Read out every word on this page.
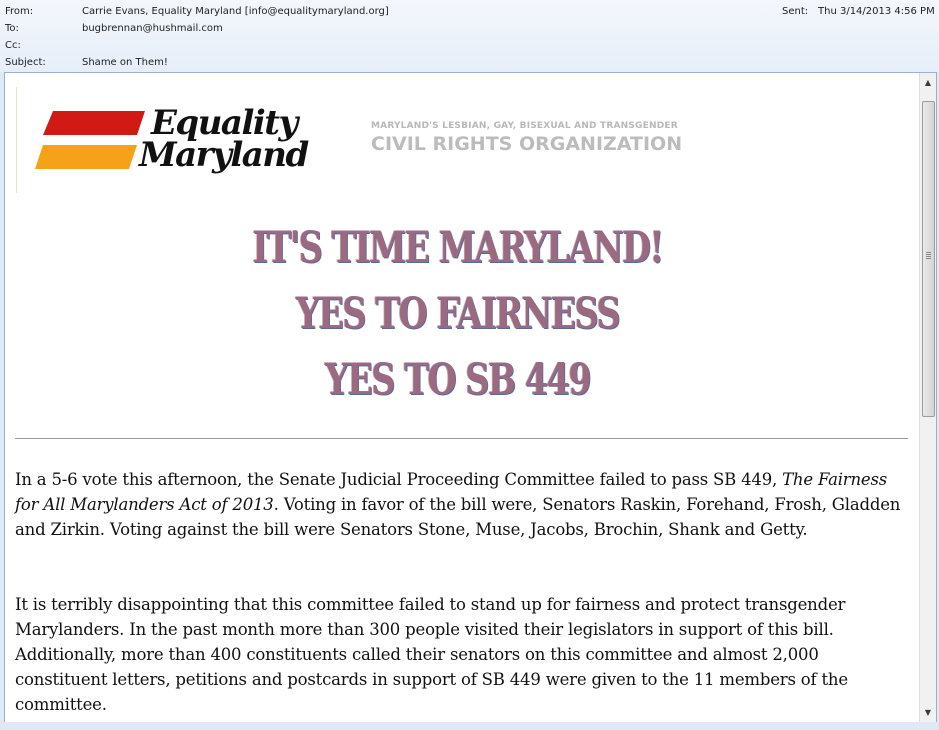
From:	Carrie Evans, Equality Maryland [info@equalitymaryland.org]	Sent: Thu 3/14/2013 4:56 PM
To:	bugbrennan@hushmail.com
Cc:
Subject:	Shame on Them!
Equality
Maryland
MARYLAND'S LESBIAN, GAY, BISEXUAL AND TRANSGENDER
CIVIL RIGHTS ORGANIZATION
IT'S TIME MARYLAND!
YES TO FAIRNESS
YES TO SB 449
In a 5-6 vote this afternoon, the Senate Judicial Proceeding Committee failed to pass SB 449, The Fairness for All Marylanders Act of 2013. Voting in favor of the bill were, Senators Raskin, Forehand, Frosh, Gladden and Zirkin. Voting against the bill were Senators Stone, Muse, Jacobs, Brochin, Shank and Getty.
It is terribly disappointing that this committee failed to stand up for fairness and protect transgender Marylanders. In the past month more than 300 people visited their legislators in support of this bill. Additionally, more than 400 constituents called their senators on this committee and almost 2,000 constituent letters, petitions and postcards in support of SB 449 were given to the 11 members of the committee.
▲
▼
